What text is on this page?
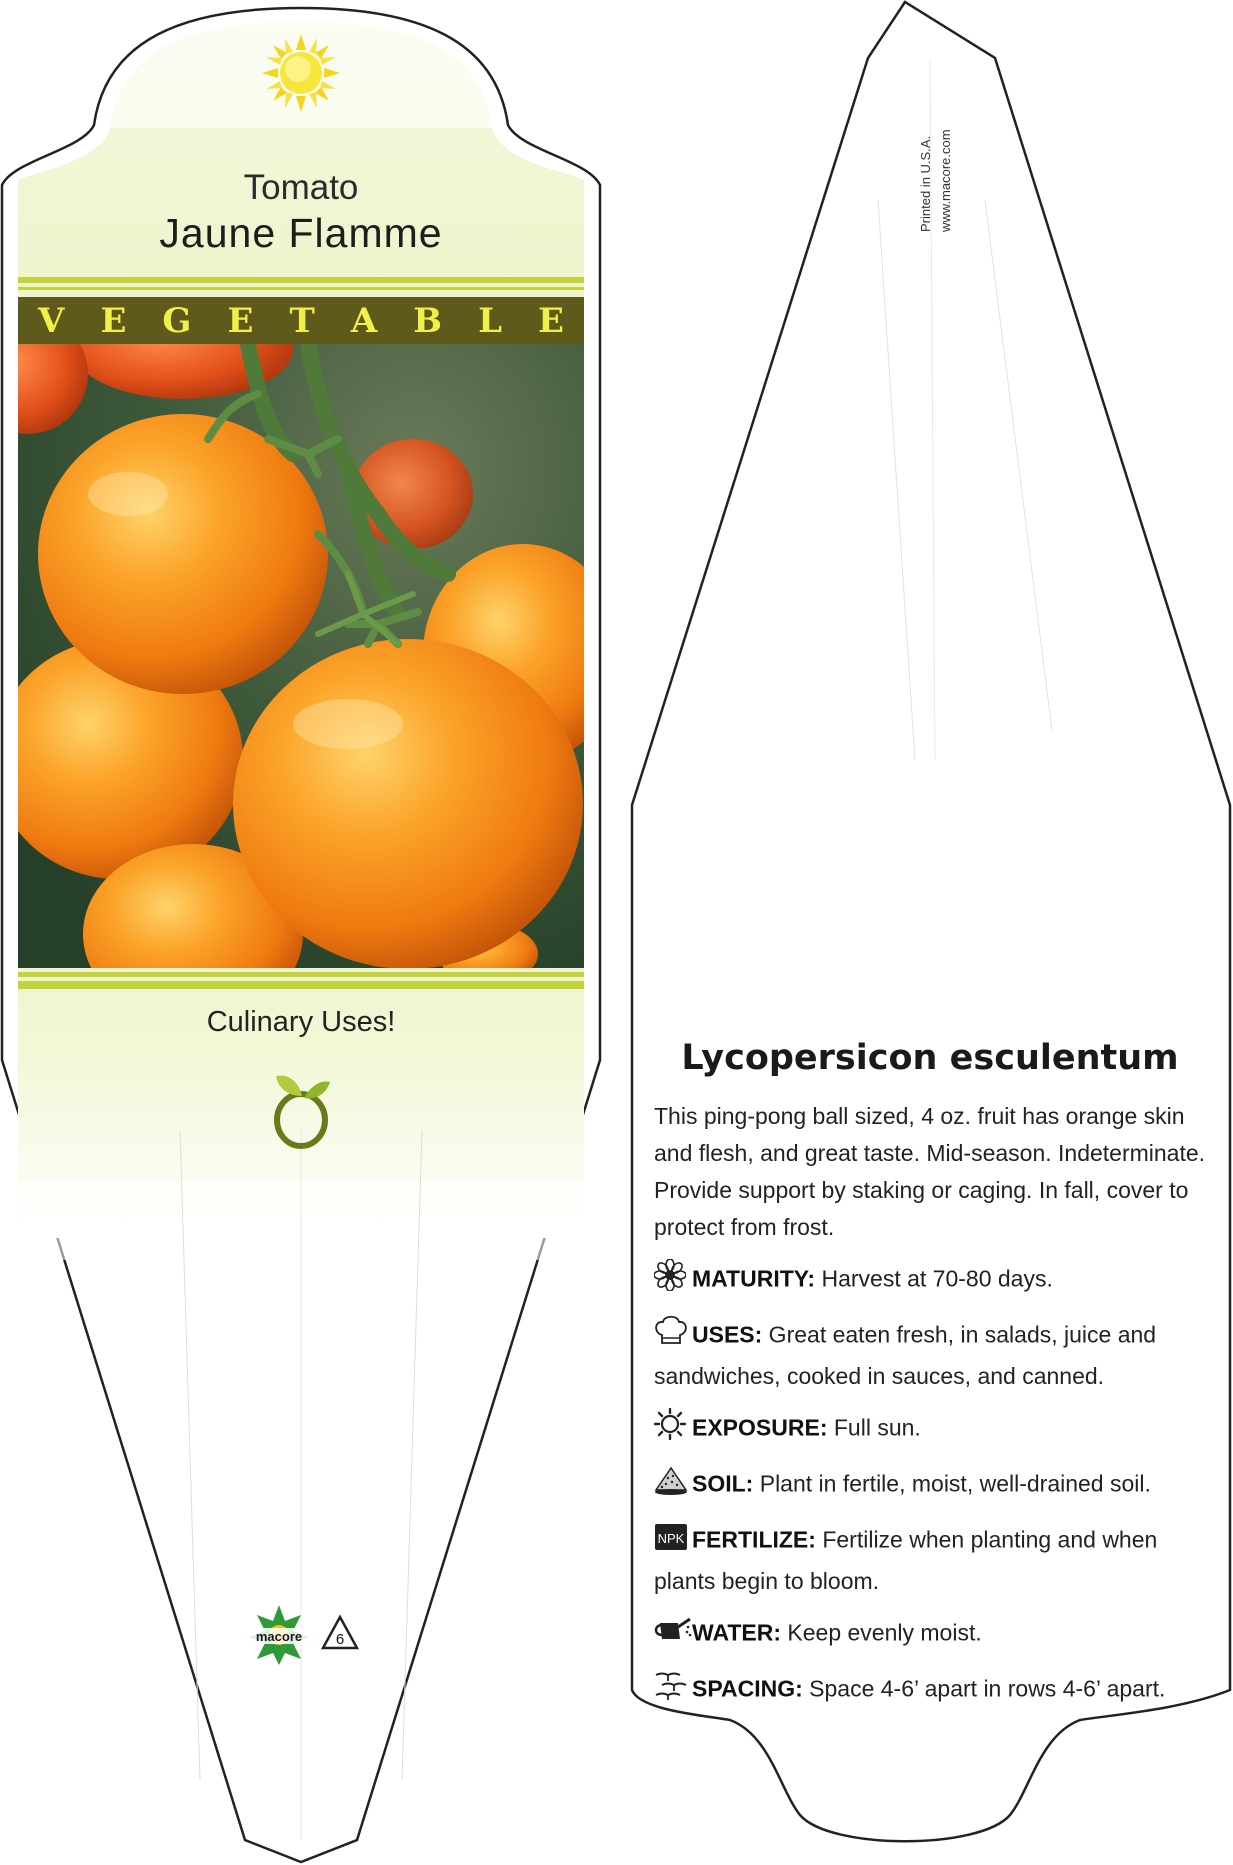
Tomato
Jaune Flamme
V E G E T A B L E
Culinary Uses!
macore 6
Printed in U.S.A. www.macore.com
Lycopersicon esculentum

This ping-pong ball sized, 4 oz. fruit has orange skin and flesh, and great taste. Mid-season. Indeterminate. Provide support by staking or caging. In fall, cover to protect from frost.

MATURITY: Harvest at 70-80 days.

USES: Great eaten fresh, in salads, juice and sandwiches, cooked in sauces, and canned.

EXPOSURE: Full sun.

SOIL: Plant in fertile, moist, well-drained soil.

NPK FERTILIZE: Fertilize when planting and when plants begin to bloom.

WATER: Keep evenly moist.

SPACING: Space 4-6’ apart in rows 4-6’ apart.
